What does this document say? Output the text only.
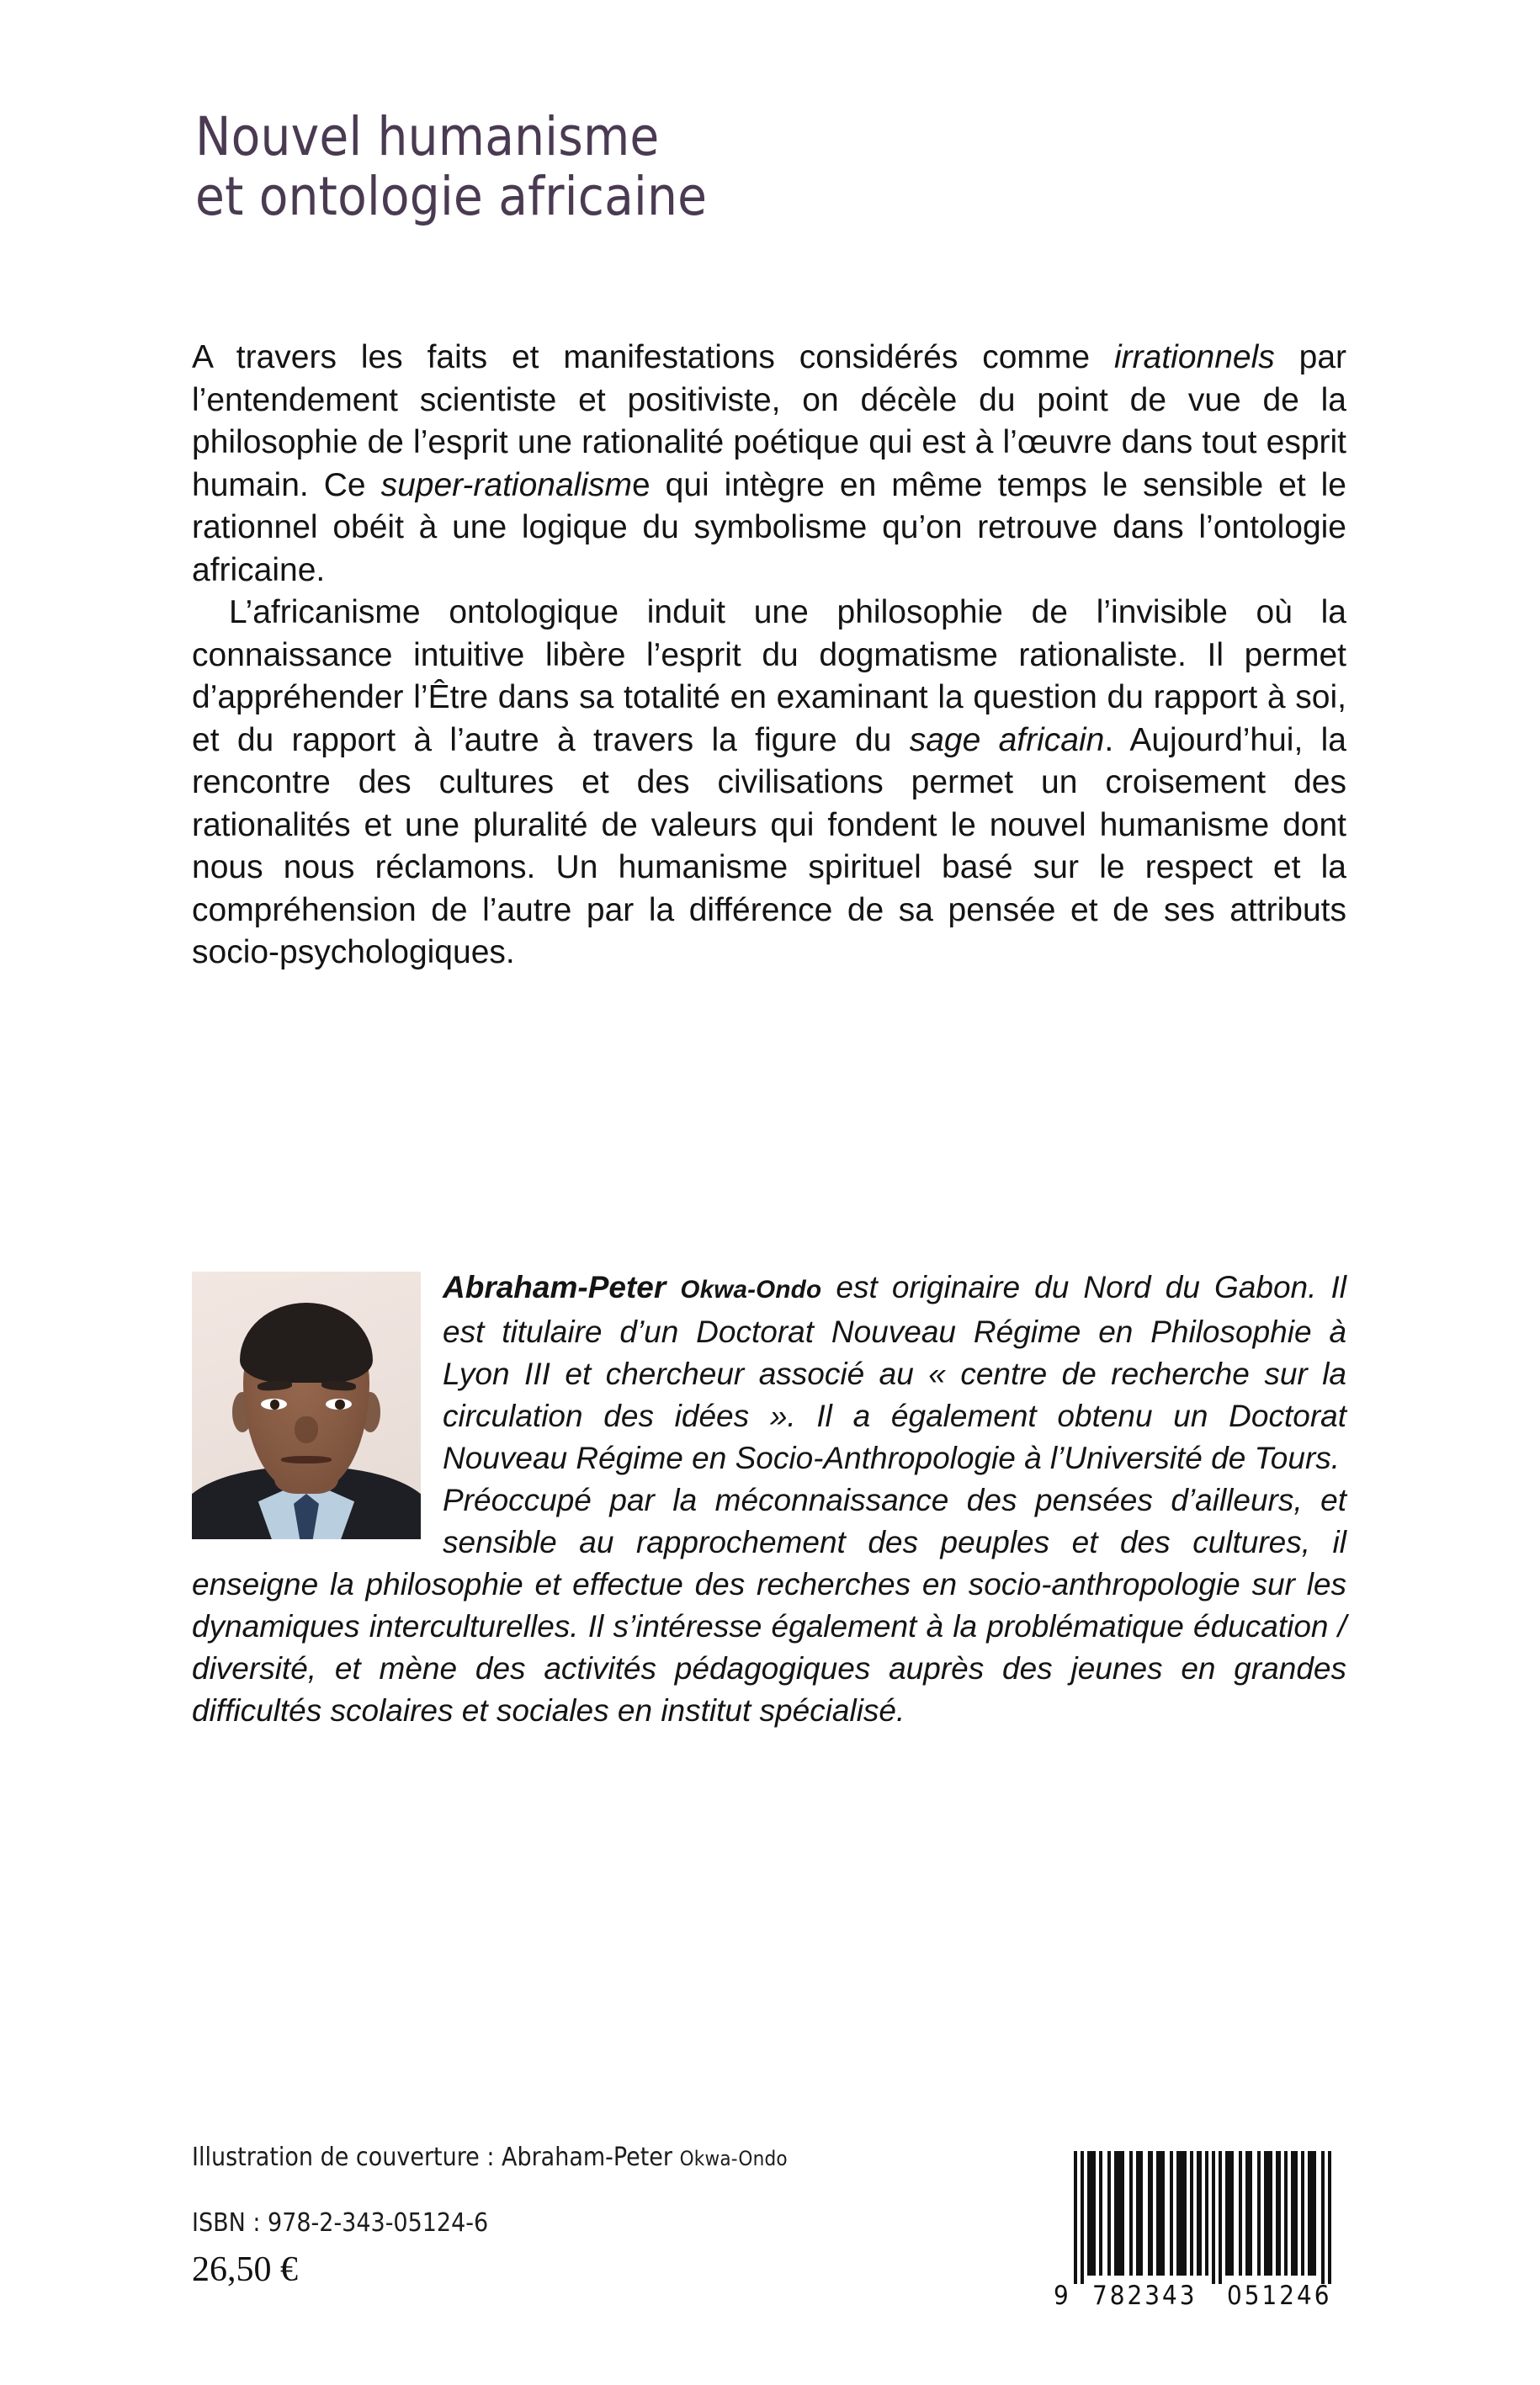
Nouvel humanisme
et ontologie africaine

A travers les faits et manifestations considérés comme irrationnels par l’entendement scientiste et positiviste, on décèle du point de vue de la philosophie de l’esprit une rationalité poétique qui est à l’œuvre dans tout esprit humain. Ce super-rationalisme qui intègre en même temps le sensible et le rationnel obéit à une logique du symbolisme qu’on retrouve dans l’ontologie africaine.

L’africanisme ontologique induit une philosophie de l’invisible où la connaissance intuitive libère l’esprit du dogmatisme rationaliste. Il permet d’appréhender l’Être dans sa totalité en examinant la question du rapport à soi, et du rapport à l’autre à travers la figure du sage africain. Aujourd’hui, la rencontre des cultures et des civilisations permet un croisement des rationalités et une pluralité de valeurs qui fondent le nouvel humanisme dont nous nous réclamons. Un humanisme spirituel basé sur le respect et la compréhension de l’autre par la différence de sa pensée et de ses attributs socio-psychologiques.

Abraham-Peter Okwa-Ondo est originaire du Nord du Gabon. Il est titulaire d’un Doctorat Nouveau Régime en Philosophie à Lyon III et chercheur associé au « centre de recherche sur la circulation des idées ». Il a également obtenu un Doctorat Nouveau Régime en Socio-Anthropologie à l’Université de Tours.
Préoccupé par la méconnaissance des pensées d’ailleurs, et sensible au rapprochement des peuples et des cultures, il enseigne la philosophie et effectue des recherches en socio-anthropologie sur les dynamiques interculturelles. Il s’intéresse également à la problématique éducation / diversité, et mène des activités pédagogiques auprès des jeunes en grandes difficultés scolaires et sociales en institut spécialisé.
Illustration de couverture : Abraham-Peter Okwa-Ondo
ISBN : 978-2-343-05124-6
26,50 €
9 782343 051246
